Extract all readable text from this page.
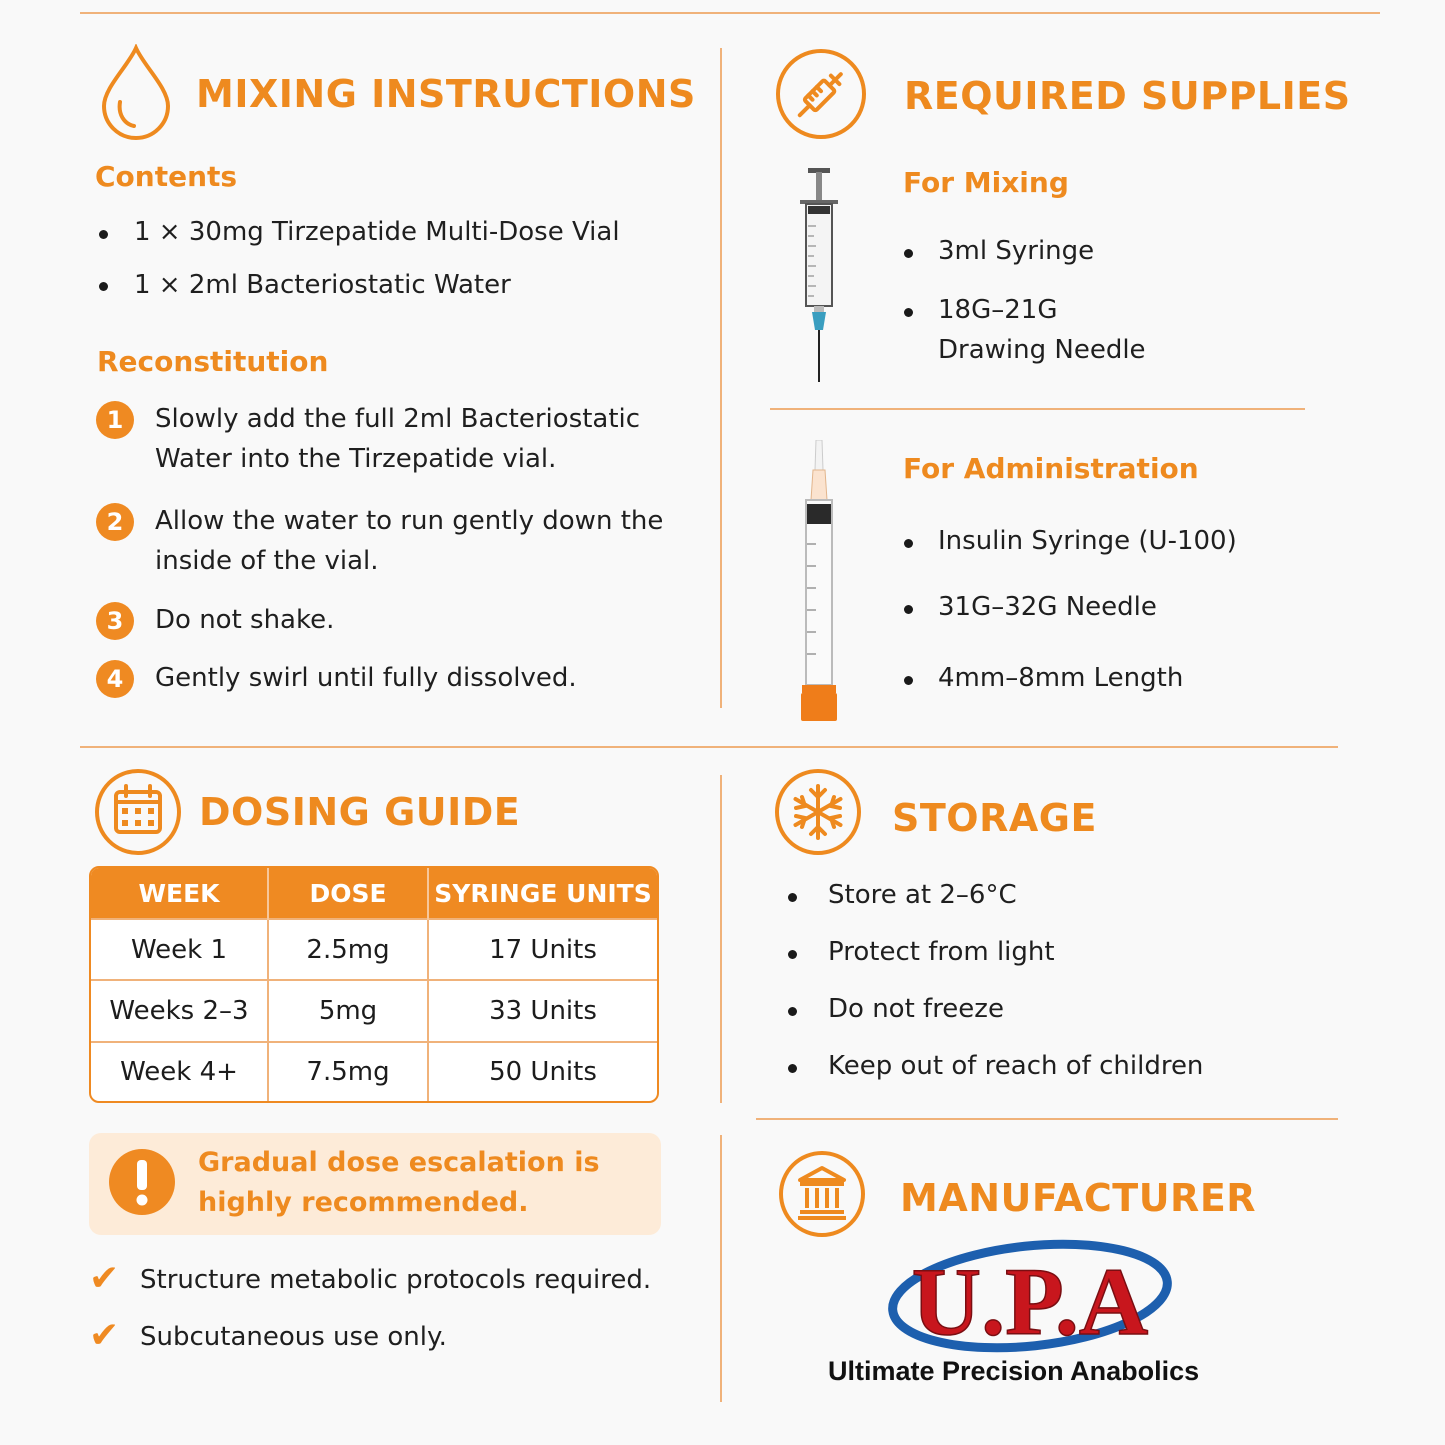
MIXING INSTRUCTIONS
Contents
1 × 30mg Tirzepatide Multi-Dose Vial
1 × 2ml Bacteriostatic Water
Reconstitution
1	Slowly add the full 2ml Bacteriostatic
Water into the Tirzepatide vial.
2	Allow the water to run gently down the
inside of the vial.
3	Do not shake.
4	Gently swirl until fully dissolved.
REQUIRED SUPPLIES
For Mixing
3ml Syringe
18G–21G
Drawing Needle
For Administration
Insulin Syringe (U-100)
31G–32G Needle
4mm–8mm Length
DOSING GUIDE
WEEK	DOSE	SYRINGE UNITS
Week 1	2.5mg	17 Units
Weeks 2–3	5mg	33 Units
Week 4+	7.5mg	50 Units
Gradual dose escalation is
highly recommended.
✔ Structure metabolic protocols required.
✔ Subcutaneous use only.
STORAGE
Store at 2–6°C
Protect from light
Do not freeze
Keep out of reach of children
MANUFACTURER
U.P.A
Ultimate Precision Anabolics
